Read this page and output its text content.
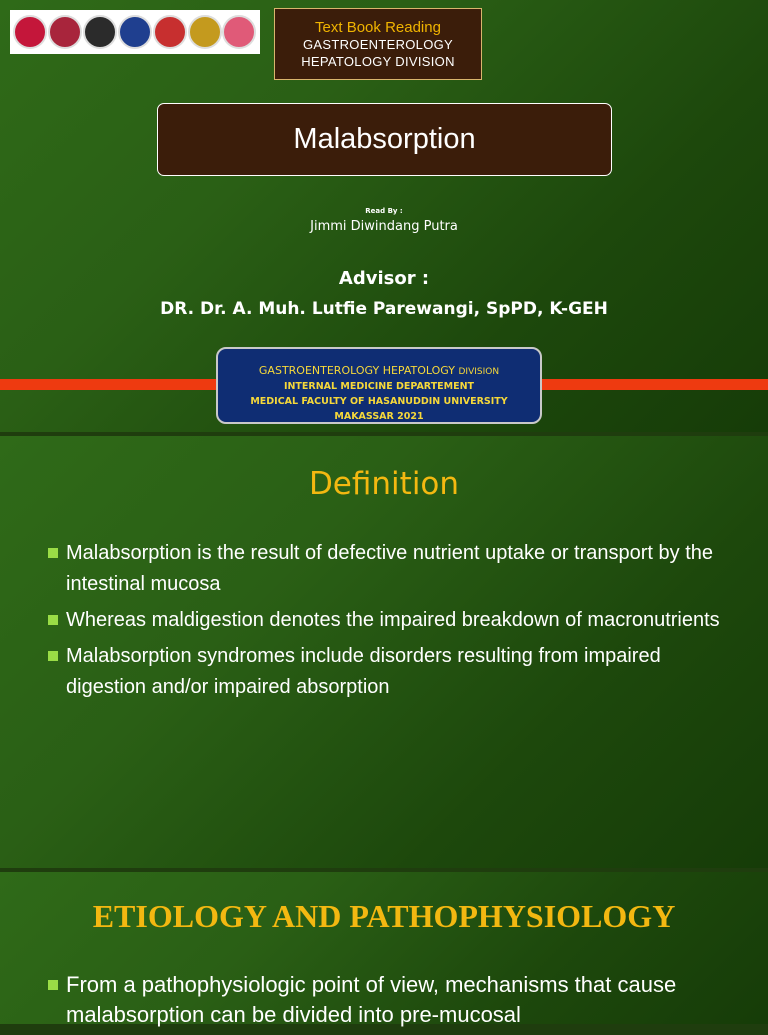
Text Book Reading
GASTROENTEROLOGY
HEPATOLOGY DIVISION
Malabsorption
Read By :
Jimmi Diwindang Putra
Advisor :
DR. Dr. A. Muh. Lutfie Parewangi, SpPD, K-GEH
GASTROENTEROLOGY HEPATOLOGY DIVISION
INTERNAL MEDICINE DEPARTEMENT
MEDICAL FACULTY OF HASANUDDIN UNIVERSITY
MAKASSAR 2021
Definition
Malabsorption is the result of defective nutrient uptake or transport by the intestinal mucosa
Whereas maldigestion denotes the impaired breakdown of macronutrients
Malabsorption syndromes include disorders resulting from impaired digestion and/or impaired absorption
ETIOLOGY AND PATHOPHYSIOLOGY
From a pathophysiologic point of view, mechanisms that cause malabsorption can be divided into pre-mucosal
